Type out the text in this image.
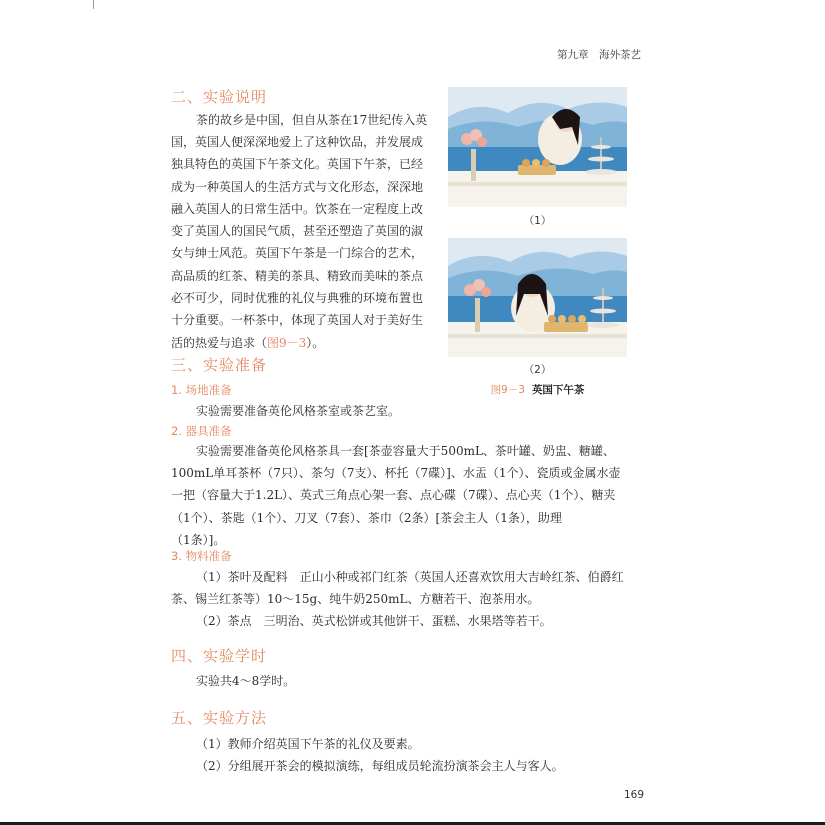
第九章　海外茶艺
二、实验说明
茶的故乡是中国，但自从茶在17世纪传入英
国，英国人便深深地爱上了这种饮品，并发展成
独具特色的英国下午茶文化。英国下午茶，已经
成为一种英国人的生活方式与文化形态，深深地
融入英国人的日常生活中。饮茶在一定程度上改
变了英国人的国民气质，甚至还塑造了英国的淑
女与绅士风范。英国下午茶是一门综合的艺术，
高品质的红茶、精美的茶具、精致而美味的茶点
必不可少，同时优雅的礼仪与典雅的环境布置也
十分重要。一杯茶中，体现了英国人对于美好生
活的热爱与追求（图9－3）。
（1）
（2）
图9－3 英国下午茶
三、实验准备
1. 场地准备
实验需要准备英伦风格茶室或茶艺室。
2. 器具准备
实验需要准备英伦风格茶具一套[茶壶容量大于500mL、茶叶罐、奶盅、糖罐、
100mL单耳茶杯（7只）、茶匀（7支）、杯托（7碟）]、水盂（1个）、瓷质或金属水壶
一把（容量大于1.2L）、英式三角点心架一套、点心碟（7碟）、点心夹（1个）、糖夹
（1个）、茶匙（1个）、刀叉（7套）、茶巾（2条）[茶会主人（1条），助理
（1条）]。
3. 物料准备
（1）茶叶及配料　正山小种或祁门红茶（英国人还喜欢饮用大吉岭红茶、伯爵红
茶、锡兰红茶等）10～15g、纯牛奶250mL、方糖若干、泡茶用水。
（2）茶点　三明治、英式松饼或其他饼干、蛋糕、水果塔等若干。
四、实验学时
实验共4～8学时。
五、实验方法
（1）教师介绍英国下午茶的礼仪及要素。
（2）分组展开茶会的模拟演练，每组成员轮流扮演茶会主人与客人。
169
